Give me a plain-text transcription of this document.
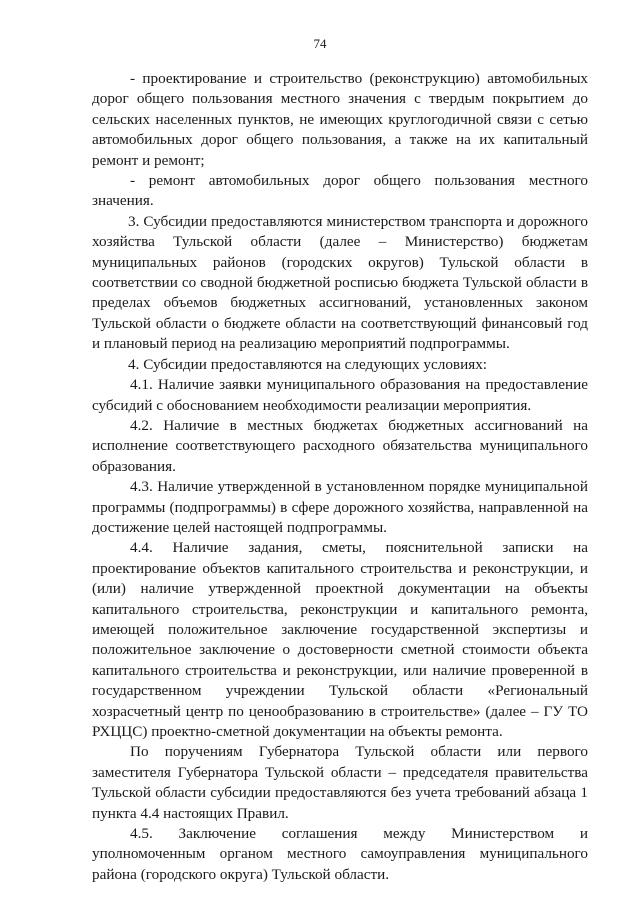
74

- проектирование и строительство (реконструкцию) автомобильных дорог общего пользования местного значения с твердым покрытием до сельских населенных пунктов, не имеющих круглогодичной связи с сетью автомобильных дорог общего пользования, а также на их капитальный ремонт и ремонт;

- ремонт автомобильных дорог общего пользования местного значения.

3. Субсидии предоставляются министерством транспорта и дорожного хозяйства Тульской области (далее – Министерство) бюджетам муниципальных районов (городских округов) Тульской области в соответствии со сводной бюджетной росписью бюджета Тульской области в пределах объемов бюджетных ассигнований, установленных законом Тульской области о бюджете области на соответствующий финансовый год и плановый период на реализацию мероприятий подпрограммы.

4. Субсидии предоставляются на следующих условиях:

4.1. Наличие заявки муниципального образования на предоставление субсидий с обоснованием необходимости реализации мероприятия.

4.2. Наличие в местных бюджетах бюджетных ассигнований на исполнение соответствующего расходного обязательства муниципального образования.

4.3. Наличие утвержденной в установленном порядке муниципальной программы (подпрограммы) в сфере дорожного хозяйства, направленной на достижение целей настоящей подпрограммы.

4.4. Наличие задания, сметы, пояснительной записки на проектирование объектов капитального строительства и реконструкции, и (или) наличие утвержденной проектной документации на объекты капитального строительства, реконструкции и капитального ремонта, имеющей положительное заключение государственной экспертизы и положительное заключение о достоверности сметной стоимости объекта капитального строительства и реконструкции, или наличие проверенной в государственном учреждении Тульской области «Региональный хозрасчетный центр по ценообразованию в строительстве» (далее – ГУ ТО РХЦЦС) проектно-сметной документации на объекты ремонта.

По поручениям Губернатора Тульской области или первого заместителя Губернатора Тульской области – председателя правительства Тульской области субсидии предоставляются без учета требований абзаца 1 пункта 4.4 настоящих Правил.

4.5. Заключение соглашения между Министерством и уполномоченным органом местного самоуправления муниципального района (городского округа) Тульской области.
